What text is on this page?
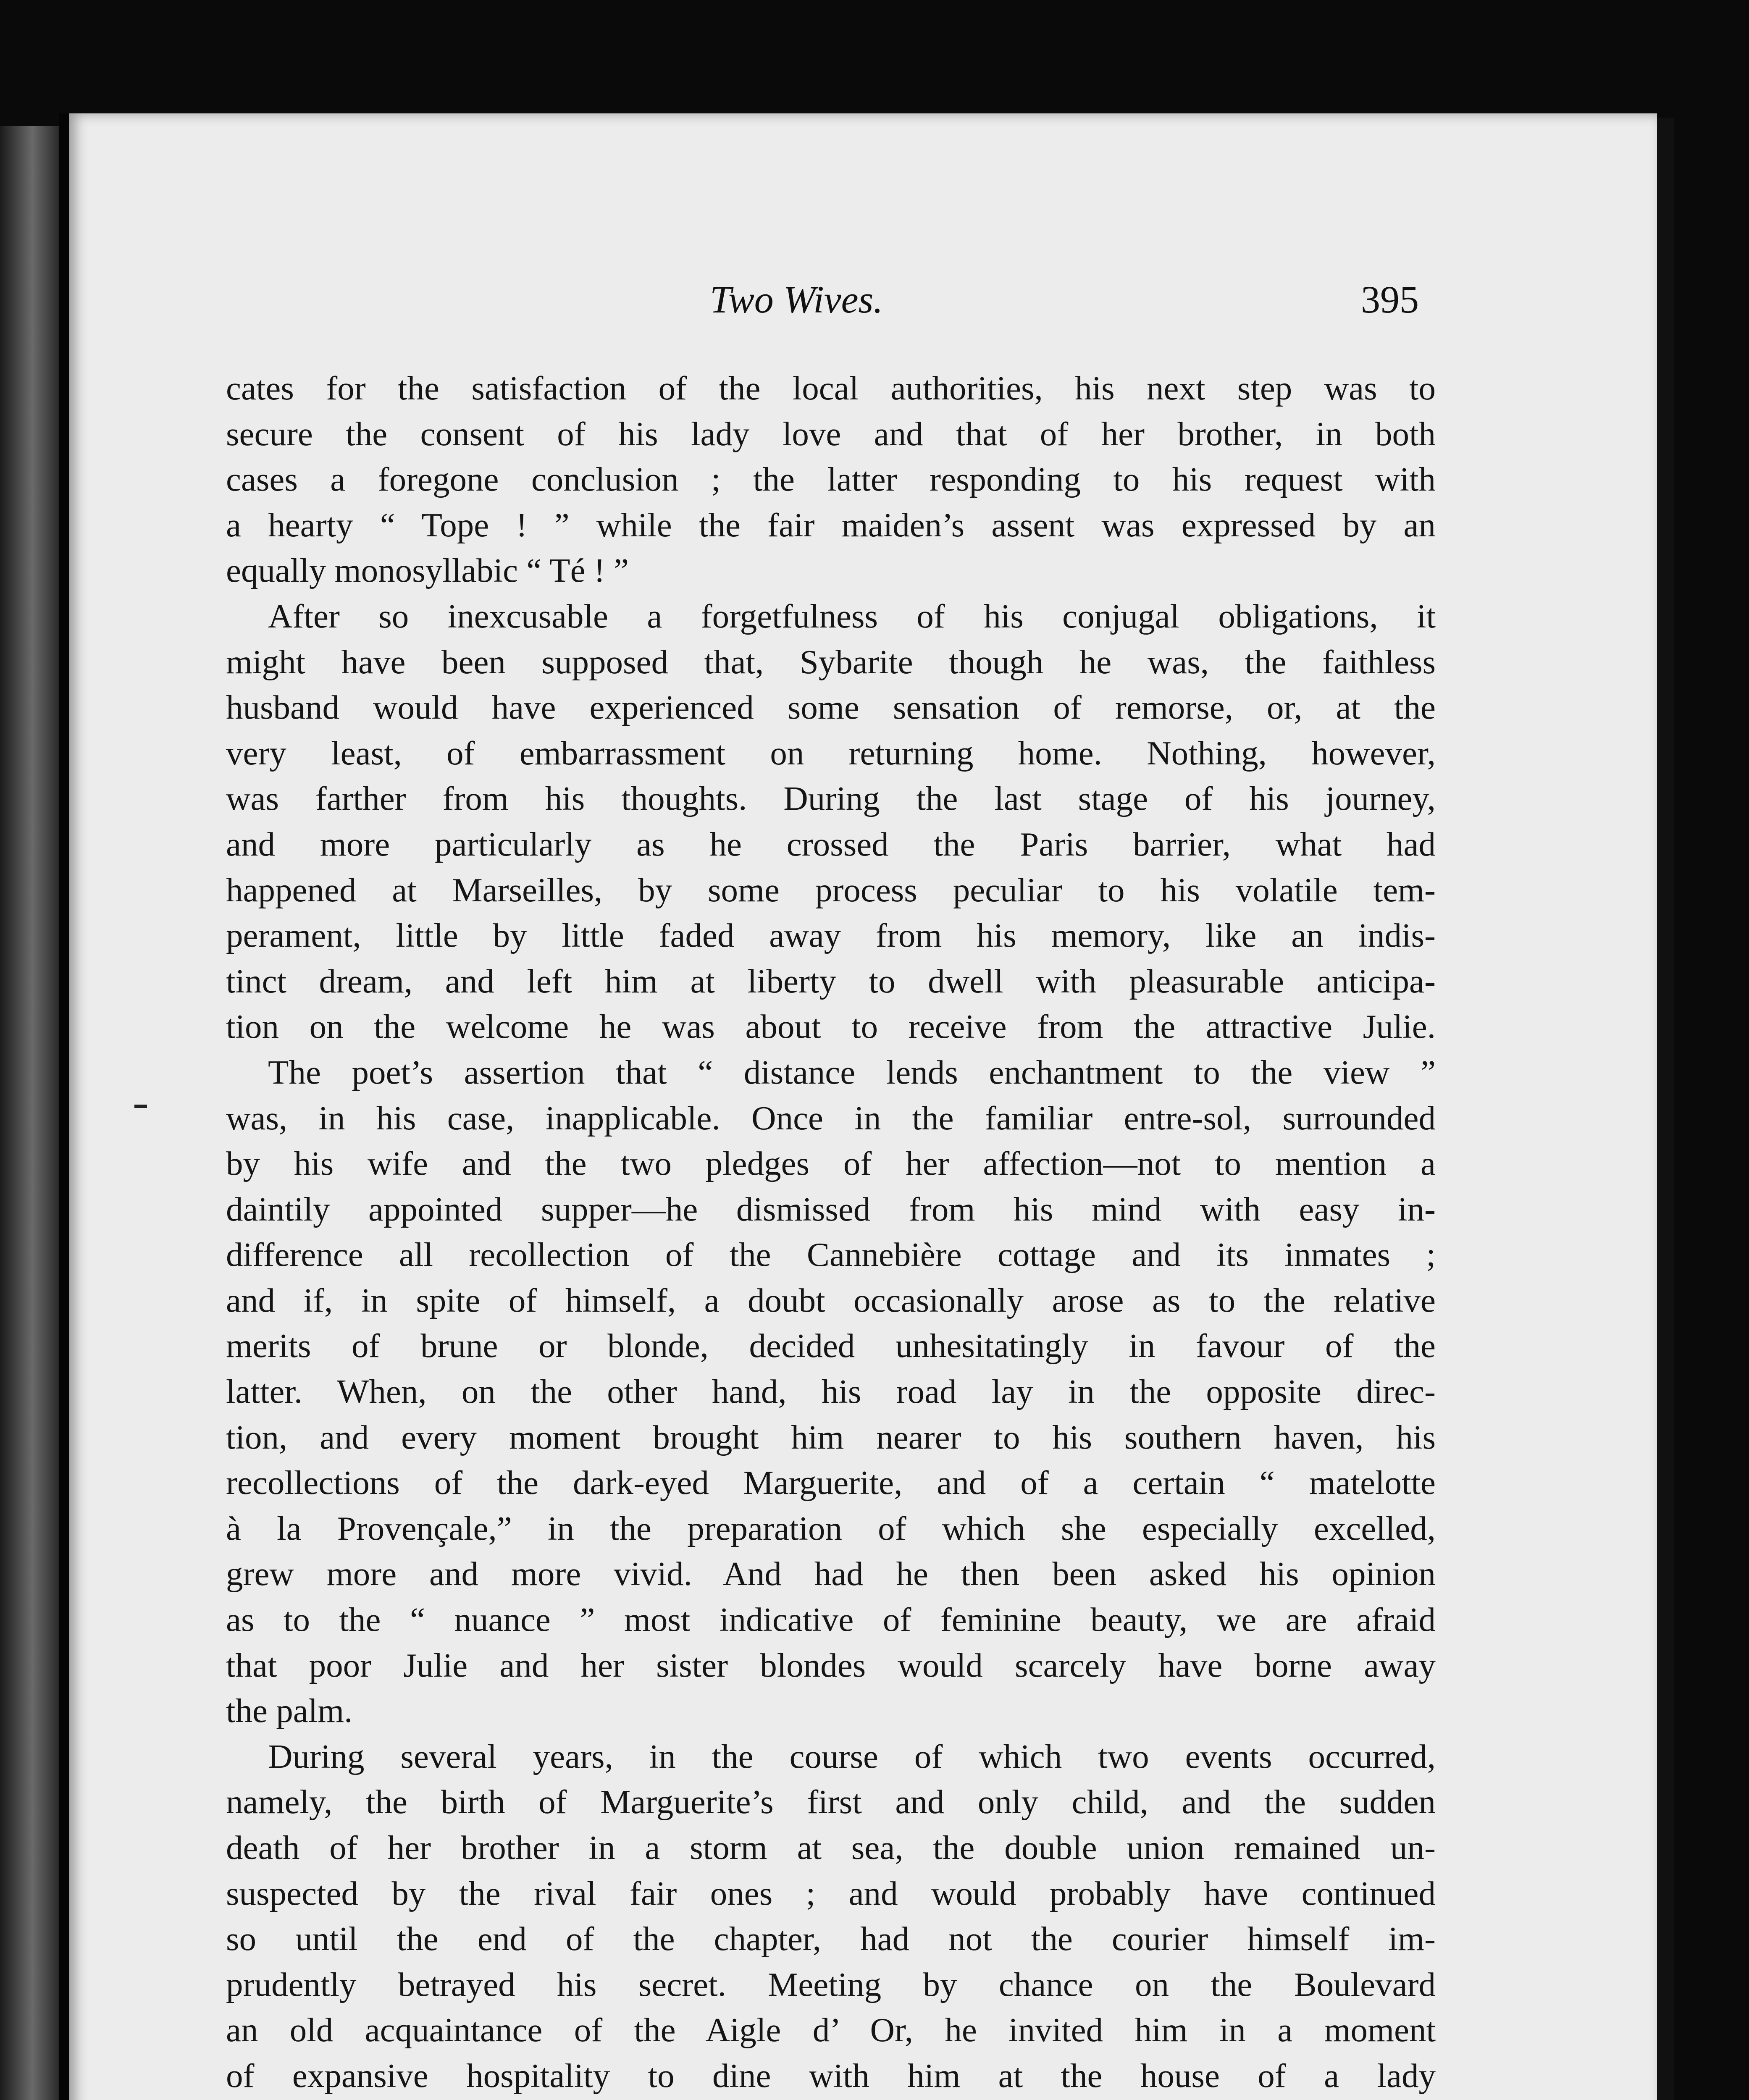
Two Wives.	395
cates for the satisfaction of the local authorities, his next step was to
secure the consent of his lady love and that of her brother, in both
cases a foregone conclusion ; the latter responding to his request with
a hearty “ Tope ! ” while the fair maiden’s assent was expressed by an
equally monosyllabic “ Té ! ”
After so inexcusable a forgetfulness of his conjugal obligations, it
might have been supposed that, Sybarite though he was, the faithless
husband would have experienced some sensation of remorse, or, at the
very least, of embarrassment on returning home. Nothing, however,
was farther from his thoughts. During the last stage of his journey,
and more particularly as he crossed the Paris barrier, what had
happened at Marseilles, by some process peculiar to his volatile tem-
perament, little by little faded away from his memory, like an indis-
tinct dream, and left him at liberty to dwell with pleasurable anticipa-
tion on the welcome he was about to receive from the attractive Julie.
The poet’s assertion that “ distance lends enchantment to the view ”
was, in his case, inapplicable. Once in the familiar entre-sol, surrounded
by his wife and the two pledges of her affection—not to mention a
daintily appointed supper—he dismissed from his mind with easy in-
difference all recollection of the Cannebière cottage and its inmates ;
and if, in spite of himself, a doubt occasionally arose as to the relative
merits of brune or blonde, decided unhesitatingly in favour of the
latter. When, on the other hand, his road lay in the opposite direc-
tion, and every moment brought him nearer to his southern haven, his
recollections of the dark-eyed Marguerite, and of a certain “ matelotte
à la Provençale,” in the preparation of which she especially excelled,
grew more and more vivid. And had he then been asked his opinion
as to the “ nuance ” most indicative of feminine beauty, we are afraid
that poor Julie and her sister blondes would scarcely have borne away
the palm.
During several years, in the course of which two events occurred,
namely, the birth of Marguerite’s first and only child, and the sudden
death of her brother in a storm at sea, the double union remained un-
suspected by the rival fair ones ; and would probably have continued
so until the end of the chapter, had not the courier himself im-
prudently betrayed his secret. Meeting by chance on the Boulevard
an old acquaintance of the Aigle d’ Or, he invited him in a moment
of expansive hospitality to dine with him at the house of a lady
